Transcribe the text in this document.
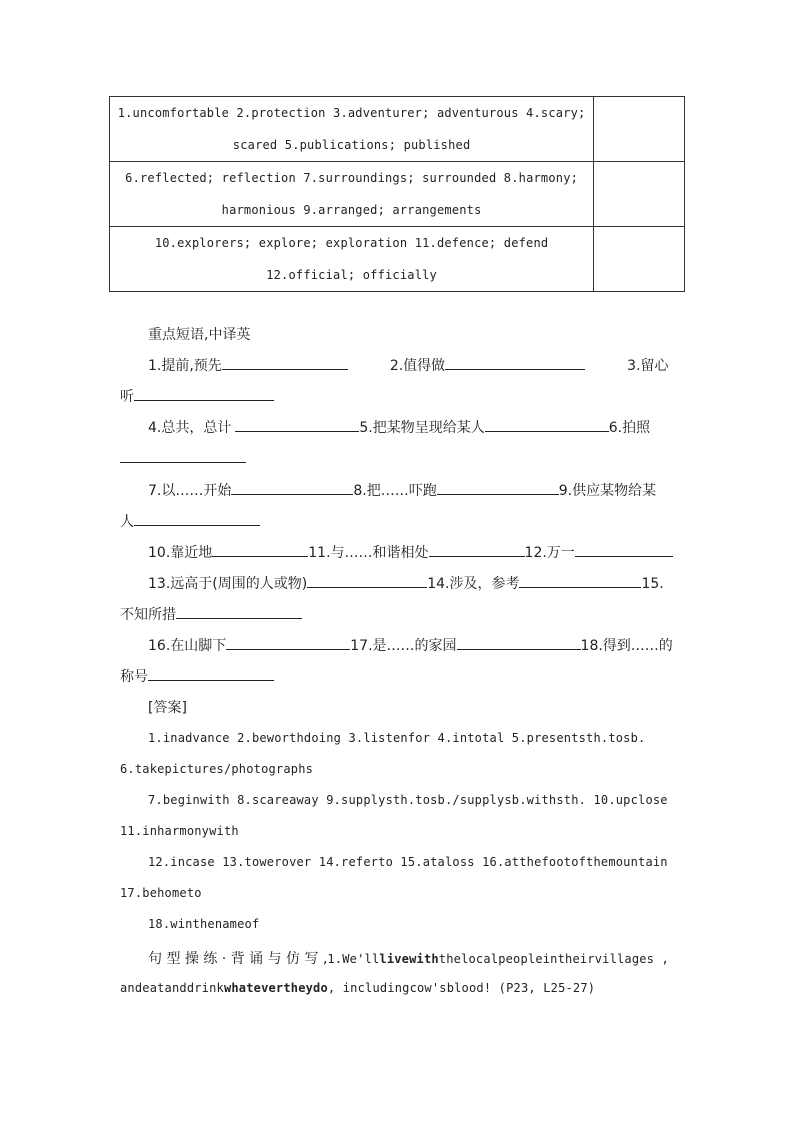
1.uncomfortable 2.protection 3.adventurer; adventurous 4.scary;
scared 5.publications; published	

6.reflected; reflection 7.surroundings; surrounded 8.harmony;
harmonious 9.arranged; arrangements	

10.explorers; explore; exploration 11.defence; defend
12.official; officially	

重点短语,中译英
1.提前,预先	2.值得做	3.留心
听
4.总共，总计	5.把某物呈现给某人	6.拍照
7.以……开始	8.把……吓跑	9.供应某物给某
人
10.靠近地	11.与……和谐相处	12.万一
13.远高于(周围的人或物)	14.涉及，参考	15.
不知所措
16.在山脚下	17.是……的家园	18.得到……的
称号
[答案]
1.inadvance 2.beworthdoing 3.listenfor 4.intotal 5.presentsth.tosb.
6.takepictures/photographs
7.beginwith 8.scareaway 9.supplysth.tosb./supplysb.withsth. 10.upclose
11.inharmonywith
12.incase 13.towerover 14.referto 15.ataloss 16.atthefootofthemountain
17.behometo
18.winthenameof
句 型 操 练 · 背 诵 与 仿 写 ,1.We'lllivewiththelocalpeopleintheirvillages ,
andeatanddrinkwhatevertheydo, includingcow'sblood! (P23, L25-27)
